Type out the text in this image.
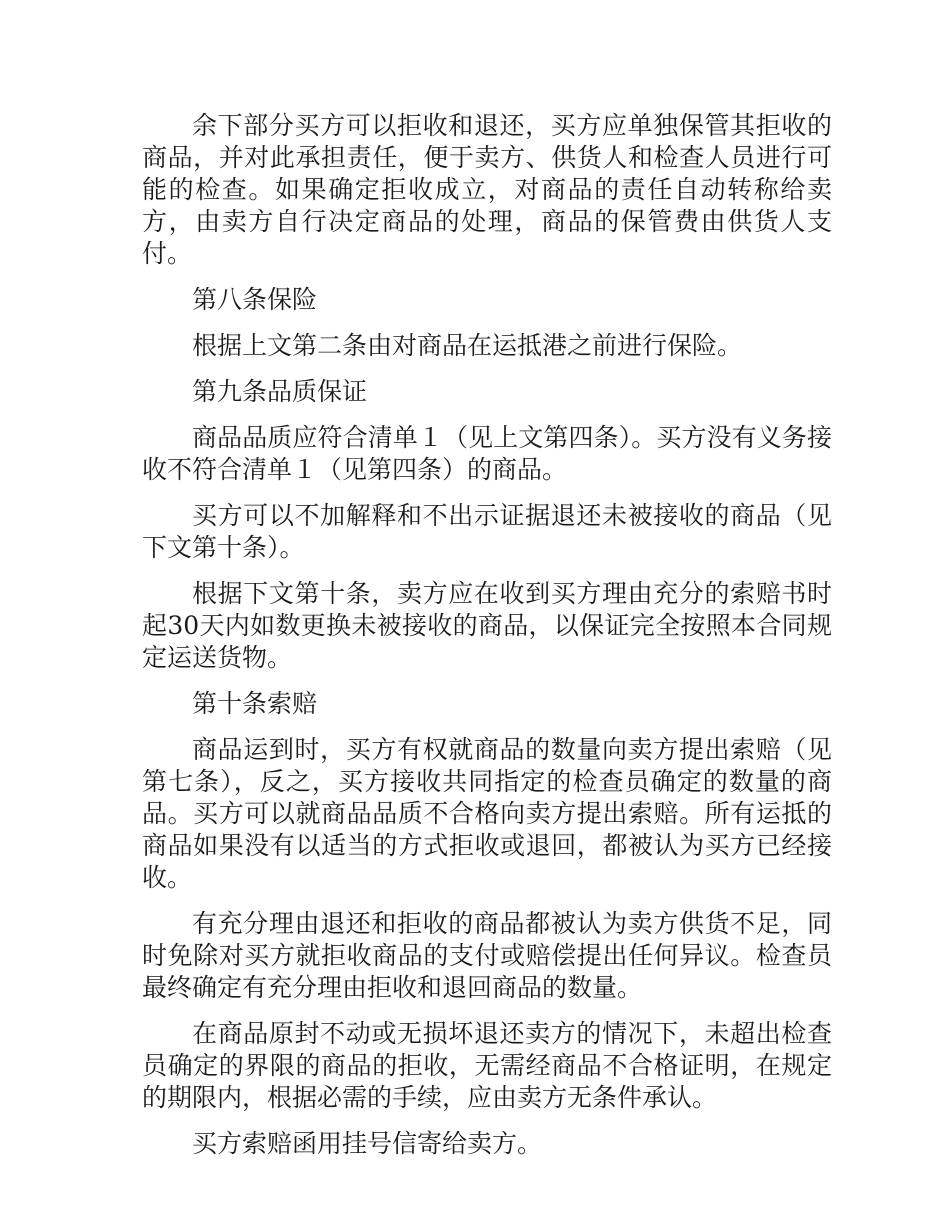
余下部分买方可以拒收和退还，买方应单独保管其拒收的商品，并对此承担责任，便于卖方、供货人和检查人员进行可能的检查。如果确定拒收成立，对商品的责任自动转称给卖方，由卖方自行决定商品的处理，商品的保管费由供货人支付。

第八条保险

根据上文第二条由对商品在运抵港之前进行保险。

第九条品质保证

商品品质应符合清单１（见上文第四条）。买方没有义务接收不符合清单１（见第四条）的商品。

买方可以不加解释和不出示证据退还未被接收的商品（见下文第十条）。

根据下文第十条，卖方应在收到买方理由充分的索赔书时起30天内如数更换未被接收的商品，以保证完全按照本合同规定运送货物。

第十条索赔

商品运到时，买方有权就商品的数量向卖方提出索赔（见第七条），反之，买方接收共同指定的检查员确定的数量的商品。买方可以就商品品质不合格向卖方提出索赔。所有运抵的商品如果没有以适当的方式拒收或退回，都被认为买方已经接收。

有充分理由退还和拒收的商品都被认为卖方供货不足，同时免除对买方就拒收商品的支付或赔偿提出任何异议。检查员最终确定有充分理由拒收和退回商品的数量。

在商品原封不动或无损坏退还卖方的情况下，未超出检查员确定的界限的商品的拒收，无需经商品不合格证明，在规定的期限内，根据必需的手续，应由卖方无条件承认。

买方索赔函用挂号信寄给卖方。
